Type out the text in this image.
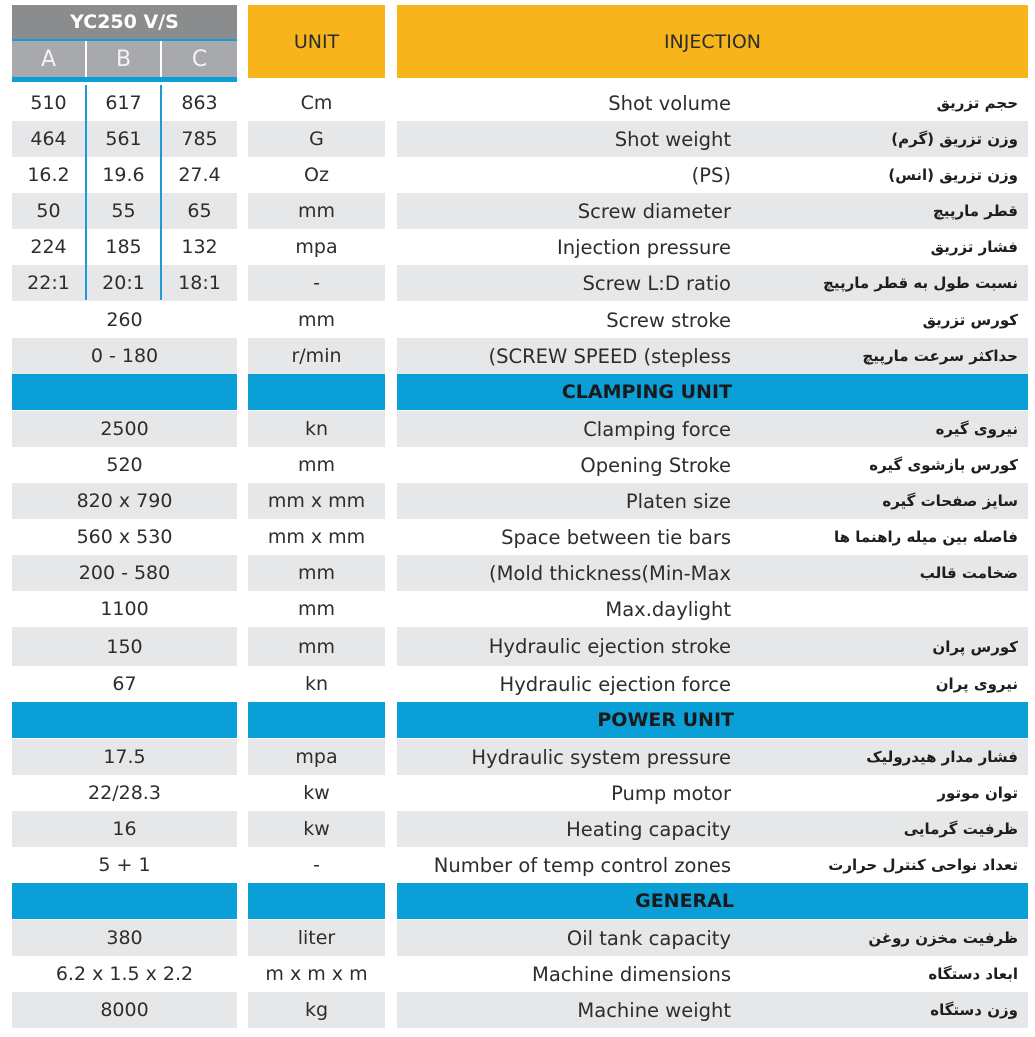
YC250 V/S
A	B	C
UNIT	INJECTION
510	617	863	Cm	Shot volume	حجم تزریق
464	561	785	G	Shot weight	وزن تزریق (گرم)
16.2	19.6	27.4	Oz	(PS)	وزن تزریق (انس)
50	55	65	mm	Screw diameter	قطر مارپیچ
224	185	132	mpa	Injection pressure	فشار تزریق
22:1	20:1	18:1	-	Screw L:D ratio	نسبت طول به قطر مارپیچ
260	mm	Screw stroke	کورس تزریق
0 - 180	r/min	(SCREW SPEED (stepless	حداکثر سرعت مارپیچ
CLAMPING UNIT
2500	kn	Clamping force	نیروی گیره
520	mm	Opening Stroke	کورس بازشوی گیره
820 x 790	mm x mm	Platen size	سایز صفحات گیره
560 x 530	mm x mm	Space between tie bars	فاصله بین میله راهنما ها
200 - 580	mm	(Mold thickness(Min-Max	ضخامت قالب
1100	mm	Max.daylight
150	mm	Hydraulic ejection stroke	کورس پران
67	kn	Hydraulic ejection force	نیروی پران
POWER UNIT
17.5	mpa	Hydraulic system pressure	فشار مدار هیدرولیک
22/28.3	kw	Pump motor	توان موتور
16	kw	Heating capacity	ظرفیت گرمایی
5 + 1	-	Number of temp control zones	تعداد نواحی کنترل حرارت
GENERAL
380	liter	Oil tank capacity	ظرفیت مخزن روغن
6.2 x 1.5 x 2.2	m x m x m	Machine dimensions	ابعاد دستگاه
8000	kg	Machine weight	وزن دستگاه
